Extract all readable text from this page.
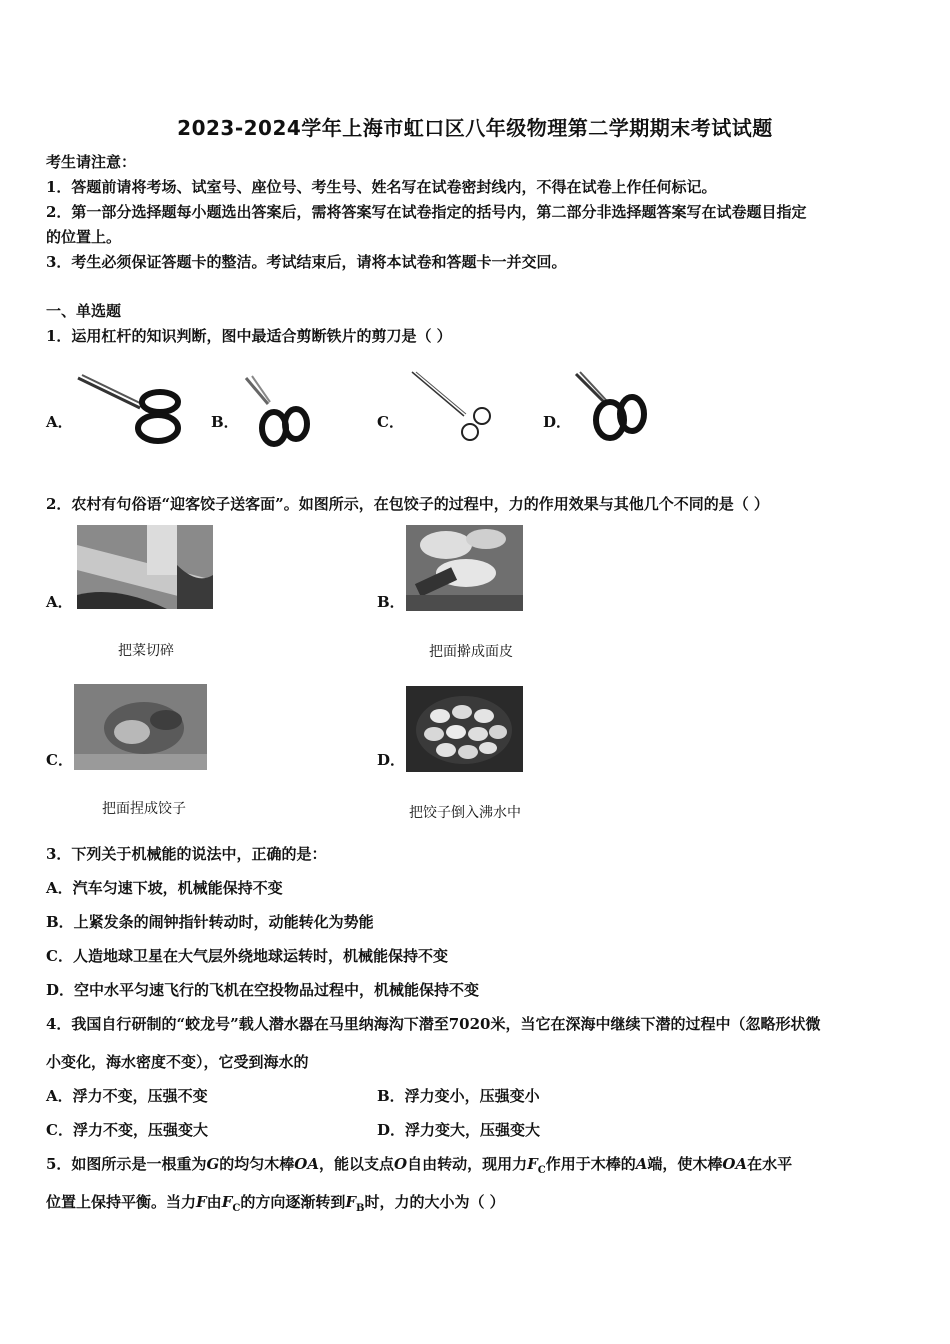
2023-2024学年上海市虹口区八年级物理第二学期期末考试试题
考生请注意：
1．答题前请将考场、试室号、座位号、考生号、姓名写在试卷密封线内，不得在试卷上作任何标记。
2．第一部分选择题每小题选出答案后，需将答案写在试卷指定的括号内，第二部分非选择题答案写在试卷题目指定
的位置上。
3．考生必须保证答题卡的整洁。考试结束后，请将本试卷和答题卡一并交回。
一、单选题
1．运用杠杆的知识判断，图中最适合剪断铁片的剪刀是（ ）
A．	B．	C．	D．
2．农村有句俗语“迎客饺子送客面”。如图所示，在包饺子的过程中，力的作用效果与其他几个不同的是（ ）
A．
把菜切碎
B．
把面擀成面皮
C．
把面捏成饺子
D．
把饺子倒入沸水中
3．下列关于机械能的说法中，正确的是：
A．汽车匀速下坡，机械能保持不变
B．上紧发条的闹钟指针转动时，动能转化为势能
C．人造地球卫星在大气层外绕地球运转时，机械能保持不变
D．空中水平匀速飞行的飞机在空投物品过程中，机械能保持不变
4．我国自行研制的“蛟龙号”载人潜水器在马里纳海沟下潜至7020米，当它在深海中继续下潜的过程中（忽略形状微
小变化，海水密度不变），它受到海水的
A．浮力不变，压强不变	B．浮力变小，压强变小
C．浮力不变，压强变大	D．浮力变大，压强变大
5．如图所示是一根重为G的均匀木棒OA，能以支点O自由转动，现用力$F_C$作用于木棒的A端，使木棒OA在水平
位置上保持平衡。当力F由$F_C$的方向逐渐转到$F_B$时，力的大小为（ ）
